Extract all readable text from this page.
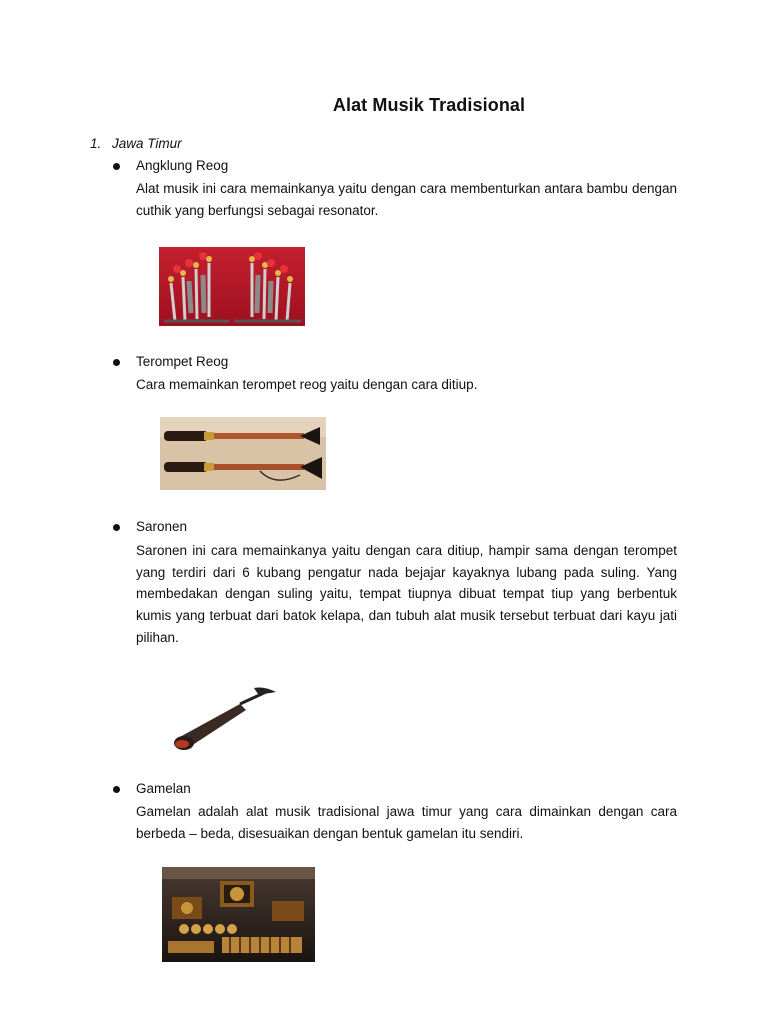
Alat Musik Tradisional
1. Jawa Timur
Angklung Reog
Alat musik ini cara memainkanya yaitu dengan cara membenturkan antara bambu dengan cuthik yang berfungsi sebagai resonator.
Terompet Reog
Cara memainkan terompet reog yaitu dengan cara ditiup.
Saronen
Saronen ini cara memainkanya yaitu dengan cara ditiup, hampir sama dengan terompet yang terdiri dari 6 kubang pengatur nada bejajar kayaknya lubang pada suling. Yang membedakan dengan suling yaitu, tempat tiupnya dibuat tempat tiup yang berbentuk kumis yang terbuat dari batok kelapa, dan tubuh alat musik tersebut terbuat dari kayu jati pilihan.
Gamelan
Gamelan adalah alat musik tradisional jawa timur yang cara dimainkan dengan cara berbeda – beda, disesuaikan dengan bentuk gamelan itu sendiri.
